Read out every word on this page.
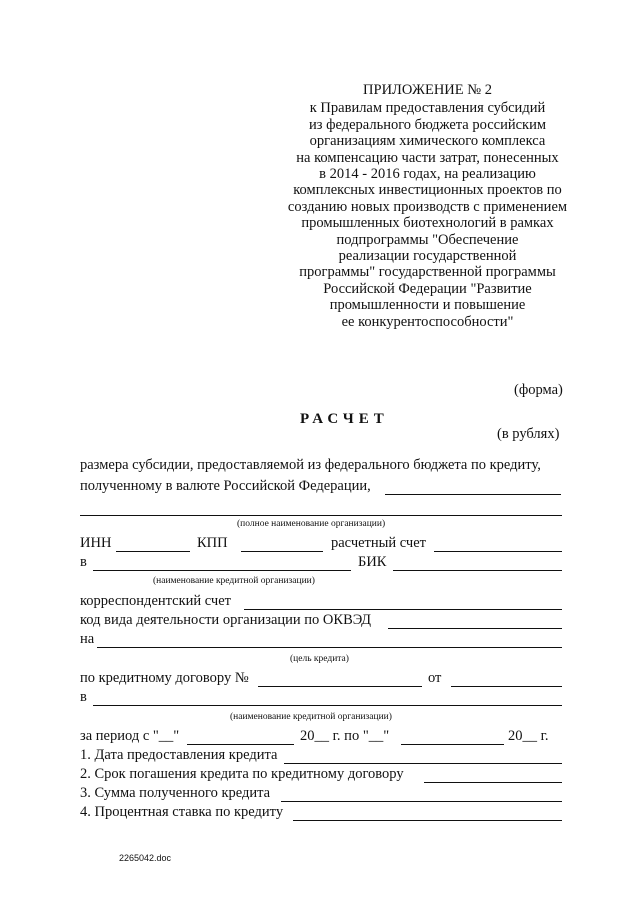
ПРИЛОЖЕНИЕ № 2
к Правилам предоставления субсидий
из федерального бюджета российским
организациям химического комплекса
на компенсацию части затрат, понесенных
в 2014 - 2016 годах, на реализацию
комплексных инвестиционных проектов по
созданию новых производств с применением
промышленных биотехнологий в рамках
подпрограммы "Обеспечение
реализации государственной
программы" государственной программы
Российской Федерации "Развитие
промышленности и повышение
ее конкурентоспособности"
(форма)
РАСЧЕТ
(в рублях)
размера субсидии, предоставляемой из федерального бюджета по кредиту,
полученному в валюте Российской Федерации,
(полное наименование организации)
ИНН	КПП	расчетный счет
в	БИК
(наименование кредитной организации)
корреспондентский счет
код вида деятельности организации по ОКВЭД
на
(цель кредита)
по кредитному договору №	от
в
(наименование кредитной организации)
за период с "__"	20__ г. по "__"	20__ г.
1. Дата предоставления кредита
2. Срок погашения кредита по кредитному договору
3. Сумма полученного кредита
4. Процентная ставка по кредиту
2265042.doc
